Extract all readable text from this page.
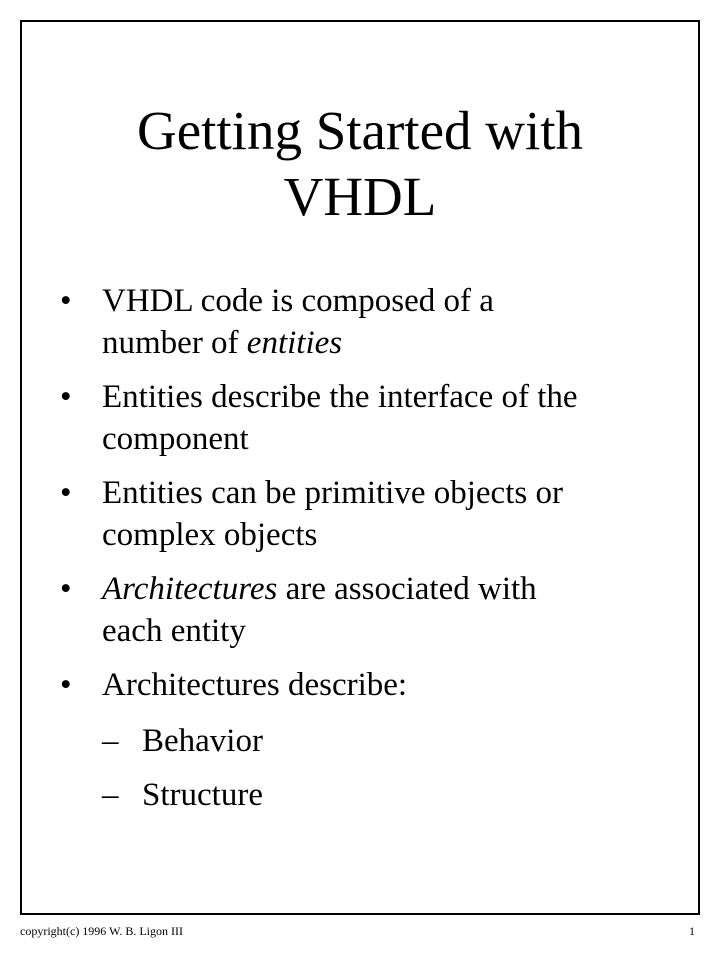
Getting Started with
VHDL
• VHDL code is composed of a
number of entities
• Entities describe the interface of the
component
• Entities can be primitive objects or
complex objects
• Architectures are associated with
each entity
• Architectures describe:
– Behavior
– Structure
copyright(c) 1996 W. B. Ligon III	1
